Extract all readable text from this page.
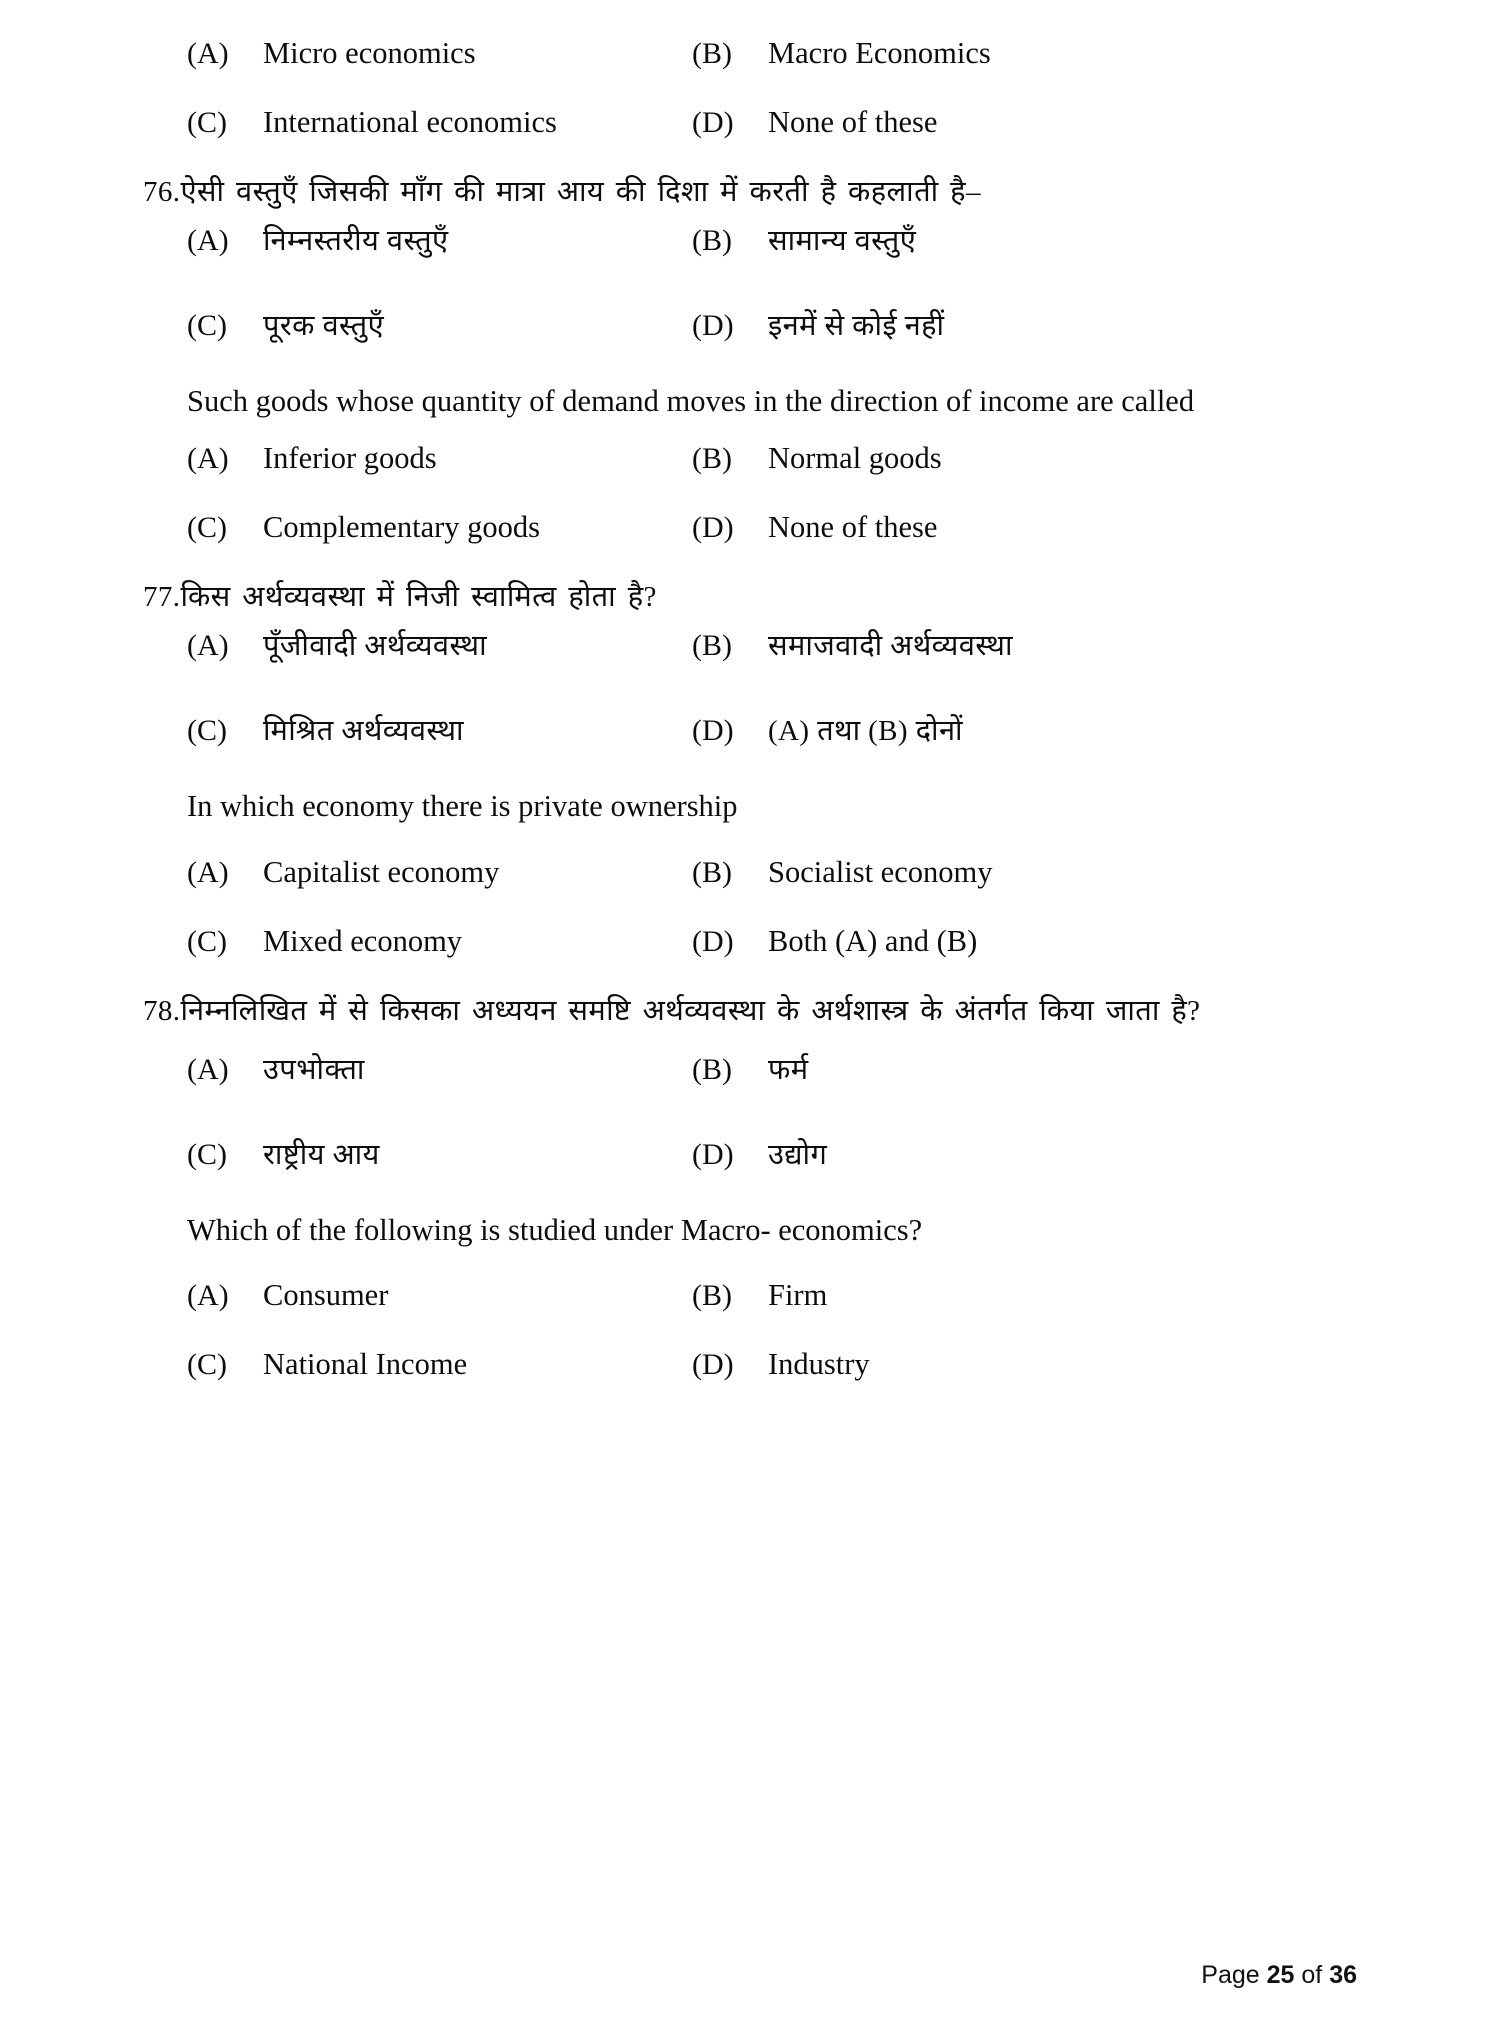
(A)	Micro economics	(B)	Macro Economics
(C)	International economics	(D)	None of these
76. ऐसी वस्तुएँ जिसकी माँग की मात्रा आय की दिशा में करती है कहलाती है–
(A)	निम्नस्तरीय वस्तुएँ	(B)	सामान्य वस्तुएँ
(C)	पूरक वस्तुएँ	(D)	इनमें से कोई नहीं
Such goods whose quantity of demand moves in the direction of income are called
(A)	Inferior goods	(B)	Normal goods
(C)	Complementary goods	(D)	None of these
77. किस अर्थव्यवस्था में निजी स्वामित्व होता है?
(A)	पूँजीवादी अर्थव्यवस्था	(B)	समाजवादी अर्थव्यवस्था
(C)	मिश्रित अर्थव्यवस्था	(D)	(A) तथा (B) दोनों
In which economy there is private ownership
(A)	Capitalist economy	(B)	Socialist economy
(C)	Mixed economy	(D)	Both (A) and (B)
78. निम्नलिखित में से किसका अध्ययन समष्टि अर्थव्यवस्था के अर्थशास्त्र के अंतर्गत किया जाता है?
(A)	उपभोक्ता	(B)	फर्म
(C)	राष्ट्रीय आय	(D)	उद्योग
Which of the following is studied under Macro- economics?
(A)	Consumer	(B)	Firm
(C)	National Income	(D)	Industry
Page 25 of 36
